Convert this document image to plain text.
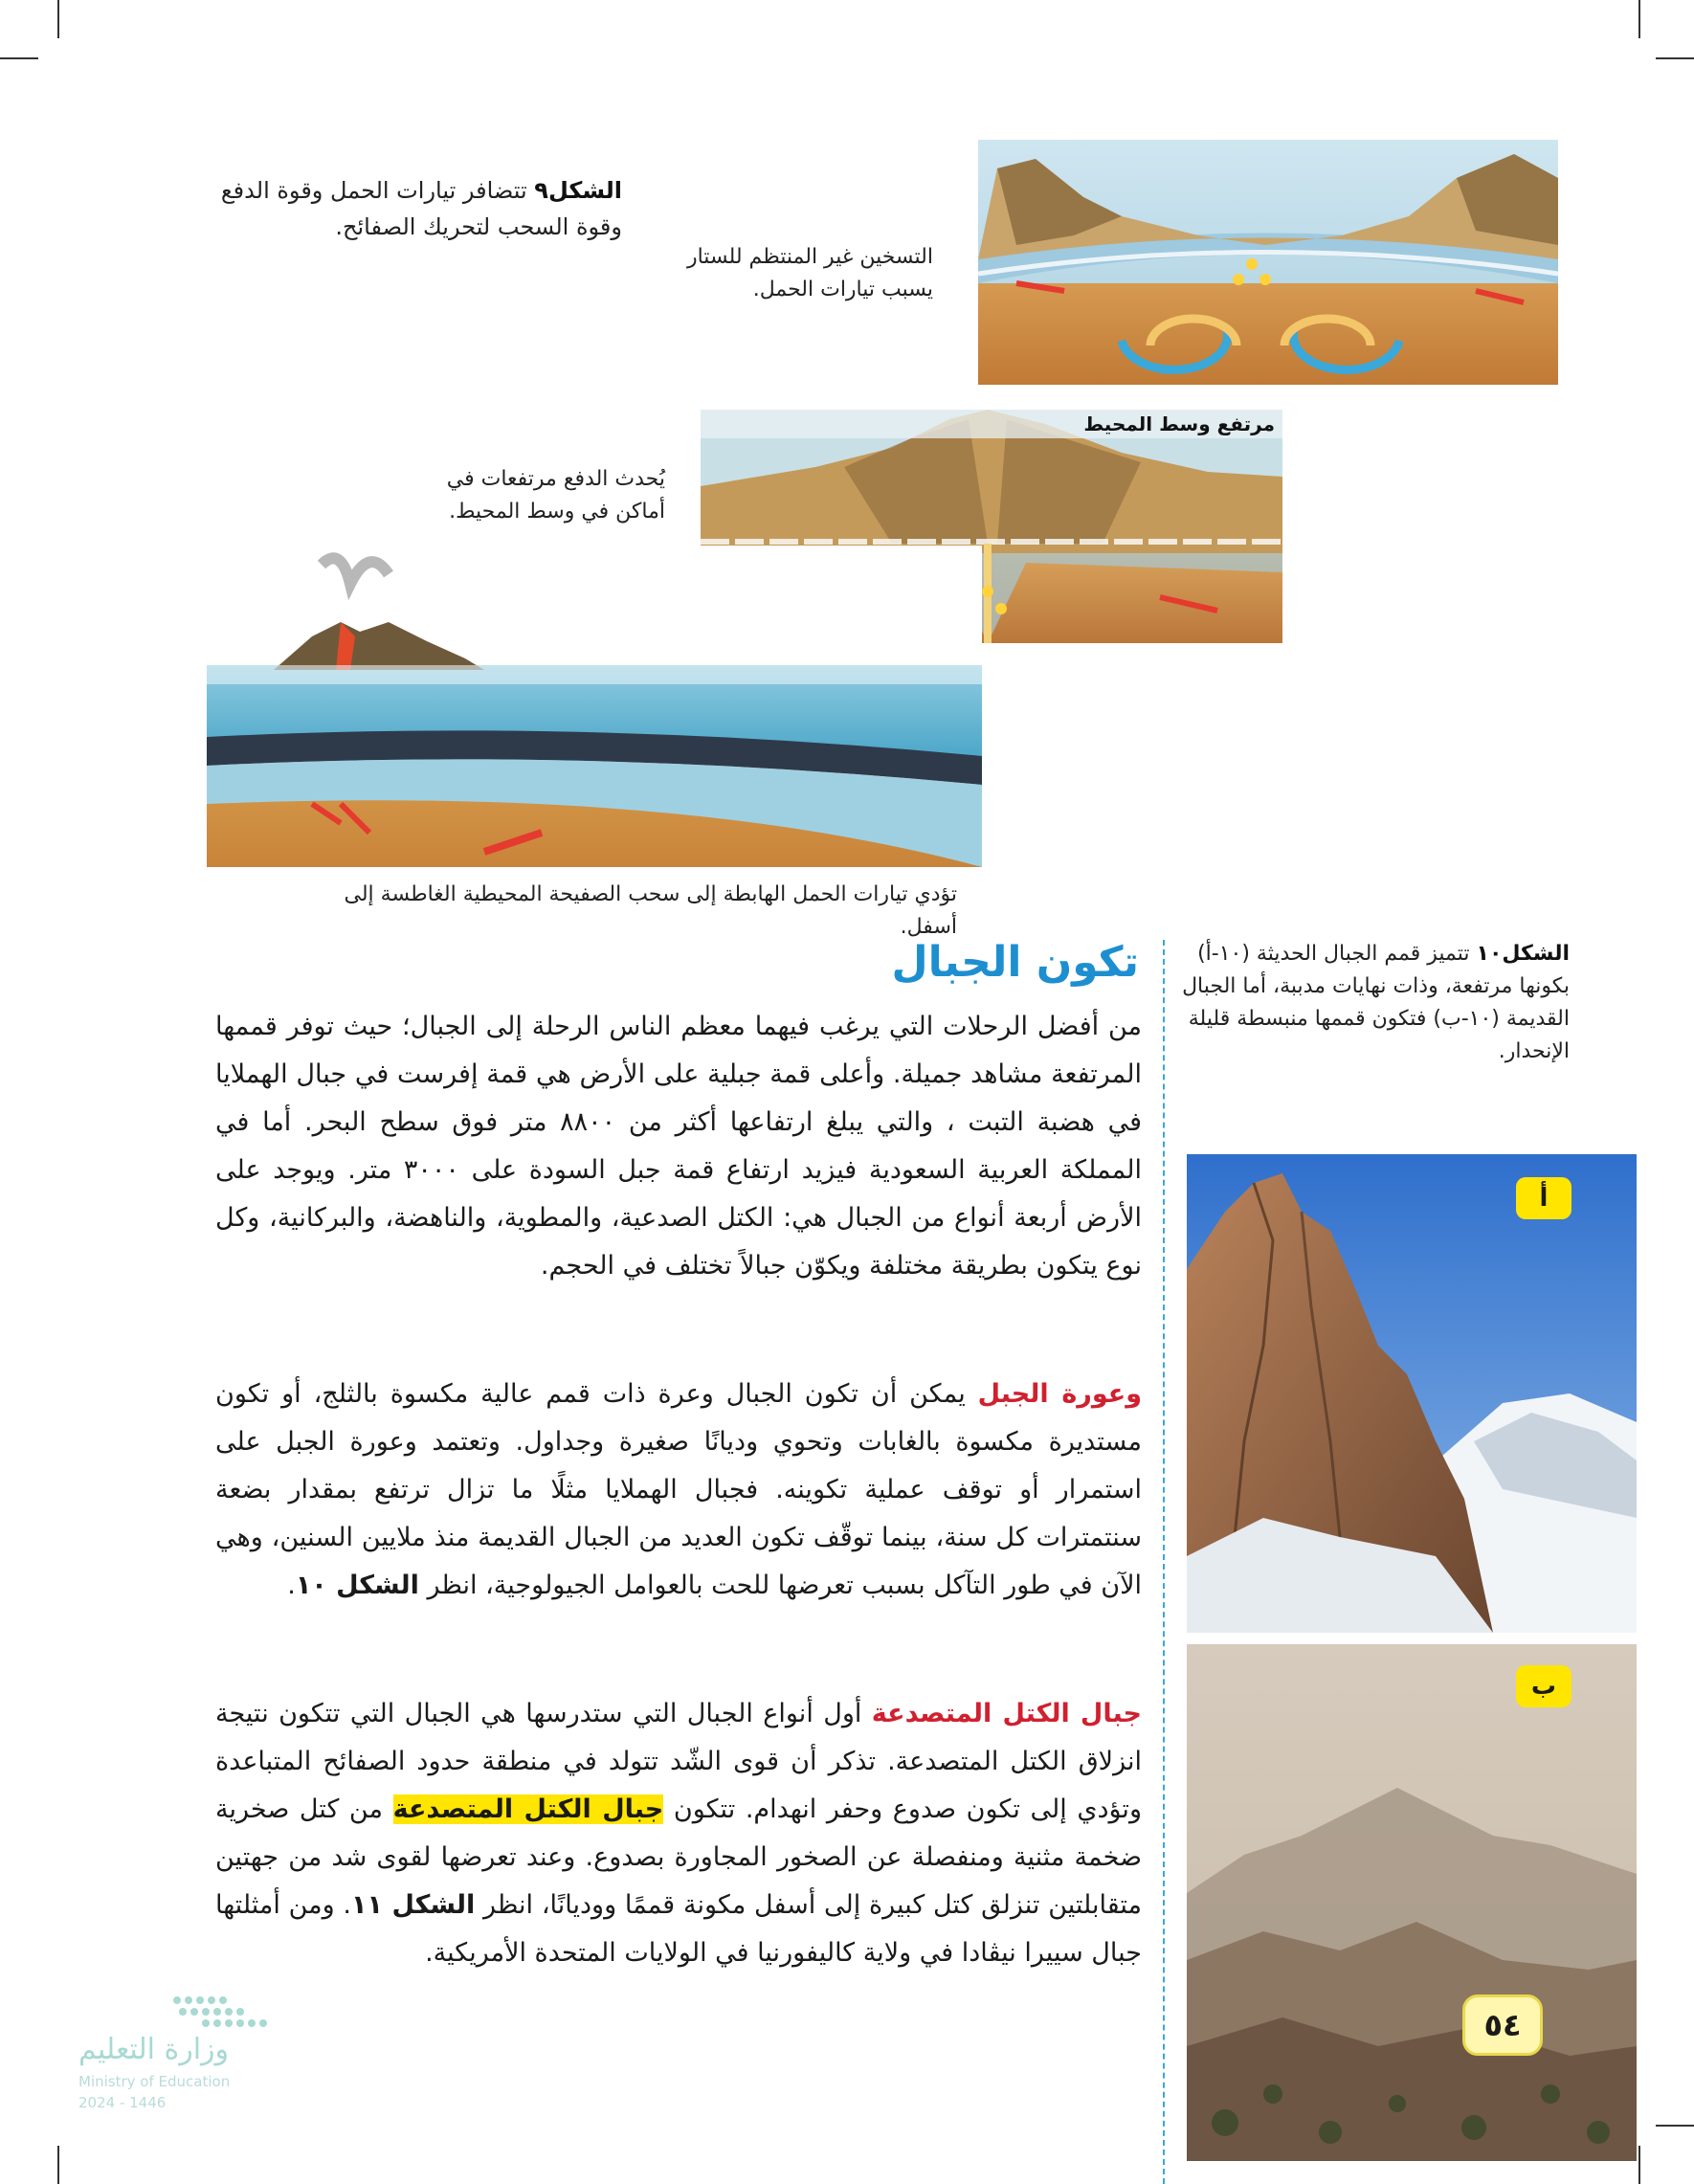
الشكل٩ تتضافر تيارات الحمل وقوة الدفع وقوة السحب لتحريك الصفائح.
التسخين غير المنتظم للستار يسبب تيارات الحمل.
مرتفع وسط المحيط
يُحدث الدفع مرتفعات في أماكن في وسط المحيط.
تؤدي تيارات الحمل الهابطة إلى سحب الصفيحة المحيطية الغاطسة إلى أسفل.
الشكل١٠ تتميز قمم الجبال الحديثة (١٠-أ) بكونها مرتفعة، وذات نهايات مدببة، أما الجبال القديمة (١٠-ب) فتكون قممها منبسطة قليلة الإنحدار.
أ
ب
٥٤
تكون الجبال
من أفضل الرحلات التي يرغب فيهما معظم الناس الرحلة إلى الجبال؛ حيث توفر قممها المرتفعة مشاهد جميلة. وأعلى قمة جبلية على الأرض هي قمة إفرست في جبال الهملايا في هضبة التبت ، والتي يبلغ ارتفاعها أكثر من ٨٨٠٠ متر فوق سطح البحر. أما في المملكة العربية السعودية فيزيد ارتفاع قمة جبل السودة على ٣٠٠٠ متر. ويوجد على الأرض أربعة أنواع من الجبال هي: الكتل الصدعية، والمطوية، والناهضة، والبركانية، وكل نوع يتكون بطريقة مختلفة ويكوّن جبالاً تختلف في الحجم.
وعورة الجبل يمكن أن تكون الجبال وعرة ذات قمم عالية مكسوة بالثلج، أو تكون مستديرة مكسوة بالغابات وتحوي وديانًا صغيرة وجداول. وتعتمد وعورة الجبل على استمرار أو توقف عملية تكوينه. فجبال الهملايا مثلًا ما تزال ترتفع بمقدار بضعة سنتمترات كل سنة، بينما توقّف تكون العديد من الجبال القديمة منذ ملايين السنين، وهي الآن في طور التآكل بسبب تعرضها للحت بالعوامل الجيولوجية، انظر الشكل ١٠.
جبال الكتل المتصدعة أول أنواع الجبال التي ستدرسها هي الجبال التي تتكون نتيجة انزلاق الكتل المتصدعة. تذكر أن قوى الشّد تتولد في منطقة حدود الصفائح المتباعدة وتؤدي إلى تكون صدوع وحفر انهدام. تتكون جبال الكتل المتصدعة من كتل صخرية ضخمة مثنية ومنفصلة عن الصخور المجاورة بصدوع. وعند تعرضها لقوى شد من جهتين متقابلتين تنزلق كتل كبيرة إلى أسفل مكونة قممًا ووديانًا، انظر الشكل ١١. ومن أمثلتها جبال سييرا نيڤادا في ولاية كاليفورنيا في الولايات المتحدة الأمريكية.
وزارة التعليم
Ministry of Education
2024 - 1446
